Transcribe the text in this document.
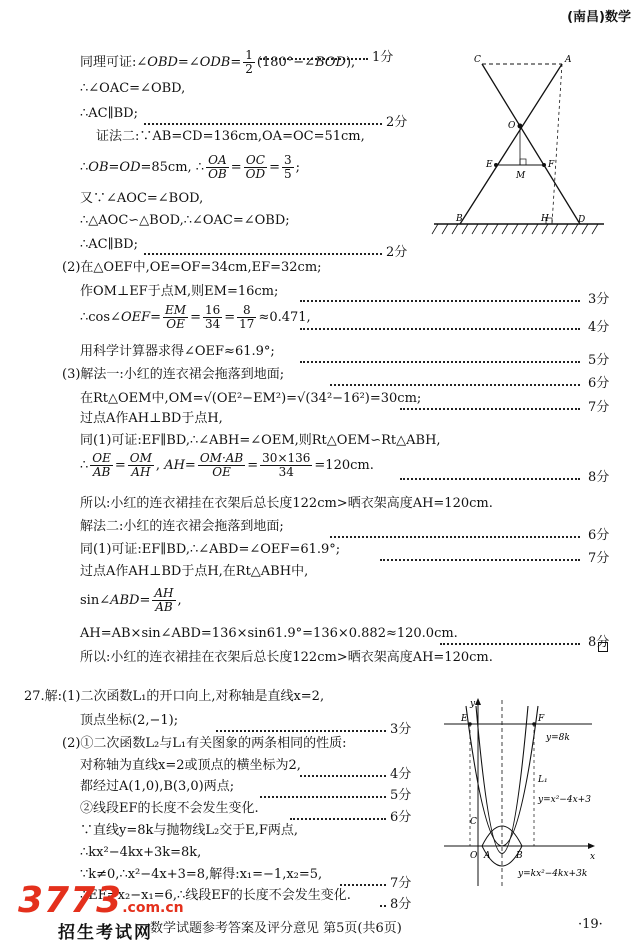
(南昌)数学
同理可证:∠OBD=∠ODB= $\frac{1}{2}$ (180°−∠BOD),
∴∠OAC=∠OBD,
∴AC∥BD;
证法二:∵AB=CD=136cm,OA=OC=51cm,
∴OB=OD=85cm, ∴ $\frac{OA}{OB} = \frac{OC}{OD} = \frac{3}{5}$ ;
又∵∠AOC=∠BOD,
∴△AOC∽△BOD,∴∠OAC=∠OBD;
∴AC∥BD;
(2)在△OEF中,OE=OF=34cm,EF=32cm;
作OM⊥EF于点M,则EM=16cm;
∴cos∠OEF= $\frac{EM}{OE} = \frac{16}{34} = \frac{8}{17} \approx 0.471$,
用科学计算器求得∠OEF≈61.9°;
(3)解法一:小红的连衣裙会拖落到地面;
在Rt△OEM中,OM=√(OE²−EM²)=√(34²−16²)=30cm;
过点A作AH⊥BD于点H,
同(1)可证:EF∥BD,∴∠ABH=∠OEM,则Rt△OEM∽Rt△ABH,
∴ $\frac{OE}{AB} = \frac{OM}{AH}$ , $AH= \frac{OM\cdot AB}{OE} = \frac{30\times 136}{34} =120cm$.
所以:小红的连衣裙挂在衣架后总长度122cm>晒衣架高度AH=120cm.
解法二:小红的连衣裙会拖落到地面;
同(1)可证:EF∥BD,∴∠ABD=∠OEF=61.9°;
过点A作AH⊥BD于点H,在Rt△ABH中,
sin∠ABD= $\frac{AH}{AB}$ ,
AH=AB×sin∠ABD=136×sin61.9°=136×0.882≈120.0cm.
所以:小红的连衣裙挂在衣架后总长度122cm>晒衣架高度AH=120cm.
27.解:(1)二次函数L₁的开口向上,对称轴是直线x=2,
顶点坐标(2,−1);
(2)①二次函数L₂与L₁有关图象的两条相同的性质:
对称轴为直线x=2或顶点的横坐标为2,
都经过A(1,0),B(3,0)两点;
②线段EF的长度不会发生变化.
∵直线y=8k与抛物线L₂交于E,F两点,
∴kx²−4kx+3k=8k,
∵k≠0,∴x²−4x+3=8,解得:x₁=−1,x₂=5,
∴EF=x₂−x₁=6,∴线段EF的长度不会发生变化.
1分
2分
2分
3分
4分
5分
6分
7分
8分
6分
7分
8分
3分
4分
5分
6分
7分
8分
C	A
O
E	F
M
B	H	D
y
E	F
y=8k
L₁
y=x²−4x+3
C
O A	B	x
y=kx²−4kx+3k
数学试题参考答案及评分意见 第5页(共6页)	·19·
3773.com.cn
招生考试网
